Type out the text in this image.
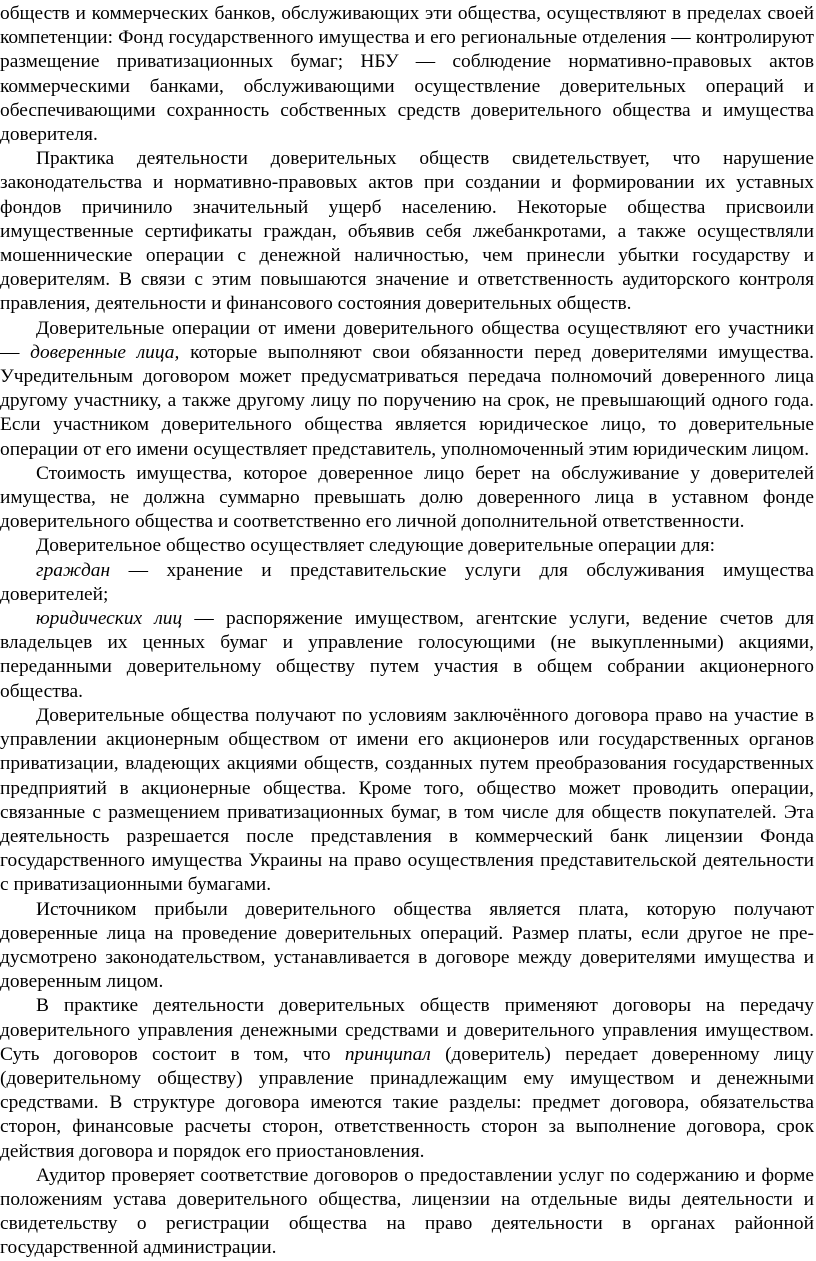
обществ и коммерческих банков, обслуживающих эти общества, осуществляют в пределах своей компетенции: Фонд государственного имущества и его региональные отделения — контролируют размещение приватизационных бумаг; НБУ — соблюдение нормативно-правовых актов коммерческими банками, обслуживающими осуществление доверительных операций и обеспечивающими сохранность собственных средств доверительного общества и имущества доверителя.

Практика деятельности доверительных обществ свидетельствует, что нарушение законодательства и нормативно-правовых актов при создании и формировании их уставных фондов причинило значительный ущерб населению. Некоторые общества присвоили имущественные сертификаты граждан, объявив себя лжебанкротами, а также осуществляли мошеннические операции с денежной наличностью, чем принесли убытки государству и доверителям. В связи с этим повышаются значение и ответственность аудиторского контроля правления, деятельности и финансового состояния доверительных обществ.

Доверительные операции от имени доверительного общества осуществляют его участники — доверенные лица, которые выполняют свои обязанности перед доверителями имущества. Учредительным договором может предусматриваться передача полномочий доверенного лица другому участнику, а также другому лицу по поручению на срок, не превышающий одного года. Если участником доверительного общества является юридическое лицо, то доверительные операции от его имени осуществляет представитель, уполномоченный этим юридическим лицом.

Стоимость имущества, которое доверенное лицо берет на обслуживание у доверителей имущества, не должна суммарно превышать долю доверенного лица в уставном фонде доверительного общества и соответственно его личной дополнительной ответственности.

Доверительное общество осуществляет следующие доверительные операции для:

граждан — хранение и представительские услуги для обслуживания имущества доверителей;

юридических лиц — распоряжение имуществом, агентские услуги, ведение счетов для владельцев их ценных бумаг и управление голосующими (не выкупленными) акциями, переданными доверительному обществу путем участия в общем собрании акционерного общества.

Доверительные общества получают по условиям заключённого договора право на участие в управлении акционерным обществом от имени его акционеров или государственных органов приватизации, владеющих акциями обществ, созданных путем преобразования государственных предприятий в акционерные общества. Кроме того, общество может проводить операции, связанные с размещением приватизационных бумаг, в том числе для обществ покупателей. Эта деятельность разрешается после представления в коммерческий банк лицензии Фонда государственного имущества Украины на право осуществления представительской деятельности с приватизационными бумагами.

Источником прибыли доверительного общества является плата, которую получают доверенные лица на проведение доверительных операций. Размер платы, если другое не предусмотрено законодательством, устанавливается в договоре между доверителями имущества и доверенным лицом.

В практике деятельности доверительных обществ применяют договоры на передачу доверительного управления денежными средствами и доверительного управления имуществом. Суть договоров состоит в том, что принципал (доверитель) передает доверенному лицу (доверительному обществу) управление принадлежащим ему имуществом и денежными средствами. В структуре договора имеются такие разделы: предмет договора, обязательства сторон, финансовые расчеты сторон, ответственность сторон за выполнение договора, срок действия договора и порядок его приостановления.

Аудитор проверяет соответствие договоров о предоставлении услуг по содержанию и форме положениям устава доверительного общества, лицензии на отдельные виды деятельности и свидетельству о регистрации общества на право деятельности в органах районной государственной администрации.
